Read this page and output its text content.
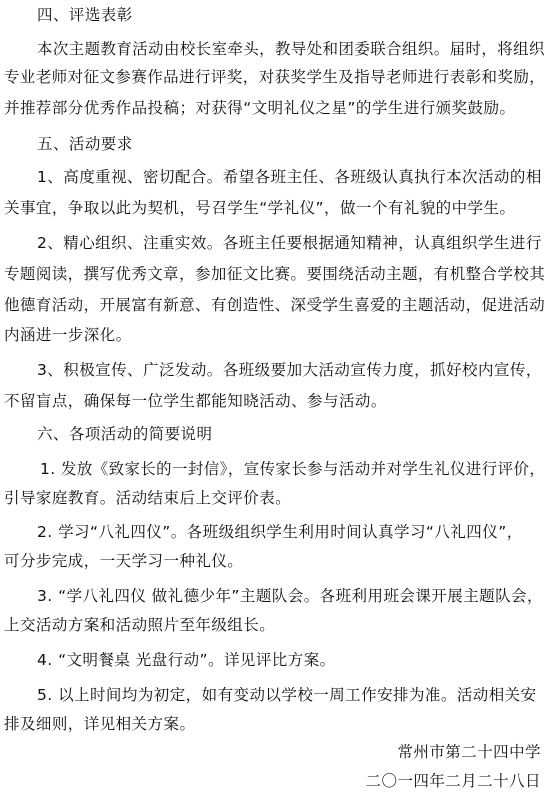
四、评选表彰
本次主题教育活动由校长室牵头，教导处和团委联合组织。届时，将组织
专业老师对征文参赛作品进行评奖，对获奖学生及指导老师进行表彰和奖励，
并推荐部分优秀作品投稿；对获得“文明礼仪之星”的学生进行颁奖鼓励。
五、活动要求
1、高度重视、密切配合。希望各班主任、各班级认真执行本次活动的相
关事宜，争取以此为契机，号召学生“学礼仪”，做一个有礼貌的中学生。
2、精心组织、注重实效。各班主任要根据通知精神，认真组织学生进行
专题阅读，撰写优秀文章，参加征文比赛。要围绕活动主题，有机整合学校其
他德育活动，开展富有新意、有创造性、深受学生喜爱的主题活动，促进活动
内涵进一步深化。
3、积极宣传、广泛发动。各班级要加大活动宣传力度，抓好校内宣传，
不留盲点，确保每一位学生都能知晓活动、参与活动。
六、各项活动的简要说明
1. 发放《致家长的一封信》，宣传家长参与活动并对学生礼仪进行评价，
引导家庭教育。活动结束后上交评价表。
2. 学习“八礼四仪”。各班级组织学生利用时间认真学习“八礼四仪”，
可分步完成，一天学习一种礼仪。
3. “学八礼四仪 做礼德少年”主题队会。各班利用班会课开展主题队会，
上交活动方案和活动照片至年级组长。
4. “文明餐桌 光盘行动”。详见评比方案。
5. 以上时间均为初定，如有变动以学校一周工作安排为准。活动相关安
排及细则，详见相关方案。
常州市第二十四中学
二〇一四年二月二十八日
